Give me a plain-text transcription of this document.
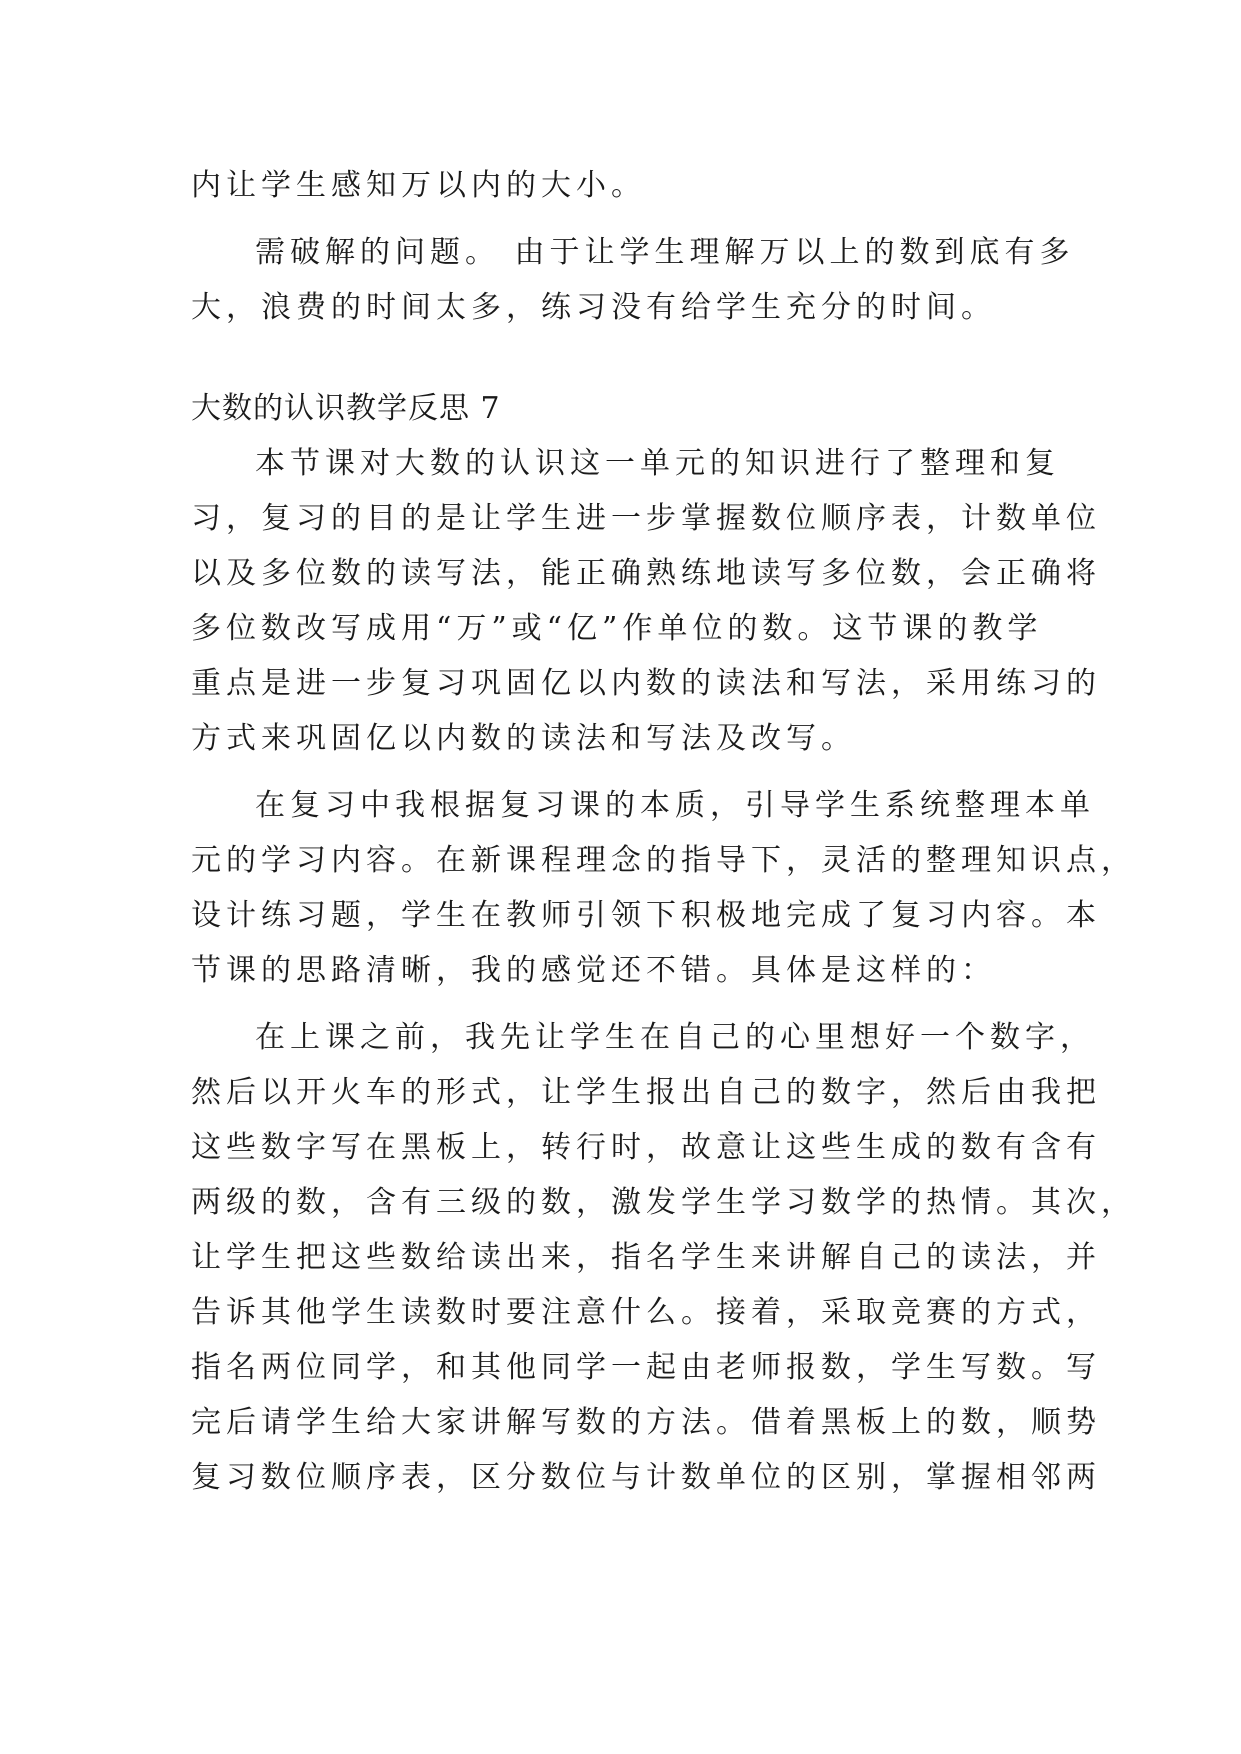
内让学生感知万以内的大小。
需破解的问题。 由于让学生理解万以上的数到底有多
大，浪费的时间太多，练习没有给学生充分的时间。
大数的认识教学反思 7
本节课对大数的认识这一单元的知识进行了整理和复
习，复习的目的是让学生进一步掌握数位顺序表，计数单位
以及多位数的读写法，能正确熟练地读写多位数，会正确将
多位数改写成用“万”或“亿”作单位的数。这节课的教学
重点是进一步复习巩固亿以内数的读法和写法，采用练习的
方式来巩固亿以内数的读法和写法及改写。
在复习中我根据复习课的本质，引导学生系统整理本单
元的学习内容。在新课程理念的指导下，灵活的整理知识点，
设计练习题，学生在教师引领下积极地完成了复习内容。本
节课的思路清晰，我的感觉还不错。具体是这样的：
在上课之前，我先让学生在自己的心里想好一个数字，
然后以开火车的形式，让学生报出自己的数字，然后由我把
这些数字写在黑板上，转行时，故意让这些生成的数有含有
两级的数，含有三级的数，激发学生学习数学的热情。其次，
让学生把这些数给读出来，指名学生来讲解自己的读法，并
告诉其他学生读数时要注意什么。接着，采取竞赛的方式，
指名两位同学，和其他同学一起由老师报数，学生写数。写
完后请学生给大家讲解写数的方法。借着黑板上的数，顺势
复习数位顺序表，区分数位与计数单位的区别，掌握相邻两
